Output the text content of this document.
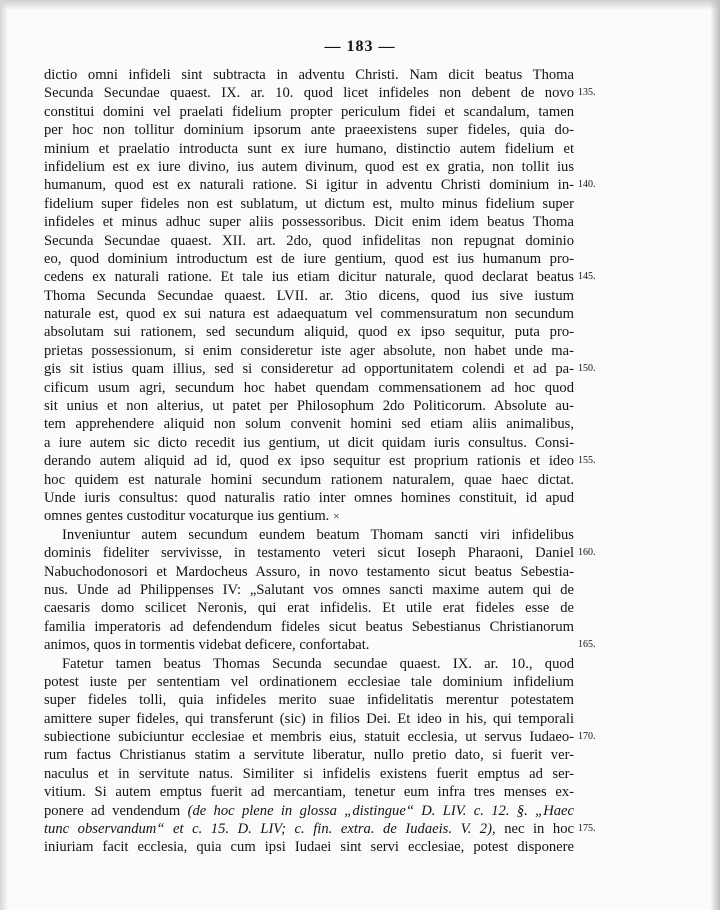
— 183 —
dictio omni infideli sint subtracta in adventu Christi. Nam dicit beatus Thoma
Secunda Secundae quaest. IX. ar. 10. quod licet infideles non debent de novo
constitui domini vel praelati fidelium propter periculum fidei et scandalum, tamen
per hoc non tollitur dominium ipsorum ante praeexistens super fideles, quia do-
minium et praelatio introducta sunt ex iure humano, distinctio autem fidelium et
infidelium est ex iure divino, ius autem divinum, quod est ex gratia, non tollit ius
humanum, quod est ex naturali ratione. Si igitur in adventu Christi dominium in-
fidelium super fideles non est sublatum, ut dictum est, multo minus fidelium super
infideles et minus adhuc super aliis possessoribus. Dicit enim idem beatus Thoma
Secunda Secundae quaest. XII. art. 2do, quod infidelitas non repugnat dominio
eo, quod dominium introductum est de iure gentium, quod est ius humanum pro-
cedens ex naturali ratione. Et tale ius etiam dicitur naturale, quod declarat beatus
Thoma Secunda Secundae quaest. LVII. ar. 3tio dicens, quod ius sive iustum
naturale est, quod ex sui natura est adaequatum vel commensuratum non secundum
absolutam sui rationem, sed secundum aliquid, quod ex ipso sequitur, puta pro-
prietas possessionum, si enim consideretur iste ager absolute, non habet unde ma-
gis sit istius quam illius, sed si consideretur ad opportunitatem colendi et ad pa-
cificum usum agri, secundum hoc habet quendam commensationem ad hoc quod
sit unius et non alterius, ut patet per Philosophum 2do Politicorum. Absolute au-
tem apprehendere aliquid non solum convenit homini sed etiam aliis animalibus,
a iure autem sic dicto recedit ius gentium, ut dicit quidam iuris consultus. Consi-
derando autem aliquid ad id, quod ex ipso sequitur est proprium rationis et ideo
hoc quidem est naturale homini secundum rationem naturalem, quae haec dictat.
Unde iuris consultus: quod naturalis ratio inter omnes homines constituit, id apud
omnes gentes custoditur vocaturque ius gentium. ×
Inveniuntur autem secundum eundem beatum Thomam sancti viri infidelibus
dominis fideliter servivisse, in testamento veteri sicut Ioseph Pharaoni, Daniel
Nabuchodonosori et Mardocheus Assuro, in novo testamento sicut beatus Sebestia-
nus. Unde ad Philippenses IV: „Salutant vos omnes sancti maxime autem qui de
caesaris domo scilicet Neronis, qui erat infidelis. Et utile erat fideles esse de
familia imperatoris ad defendendum fideles sicut beatus Sebestianus Christianorum
animos, quos in tormentis videbat deficere, confortabat.
Fatetur tamen beatus Thomas Secunda secundae quaest. IX. ar. 10., quod
potest iuste per sententiam vel ordinationem ecclesiae tale dominium infidelium
super fideles tolli, quia infideles merito suae infidelitatis merentur potestatem
amittere super fideles, qui transferunt (sic) in filios Dei. Et ideo in his, qui temporali
subiectione subiciuntur ecclesiae et membris eius, statuit ecclesia, ut servus Iudaeo-
rum factus Christianus statim a servitute liberatur, nullo pretio dato, si fuerit ver-
naculus et in servitute natus. Similiter si infidelis existens fuerit emptus ad ser-
vitium. Si autem emptus fuerit ad mercantiam, tenetur eum infra tres menses ex-
ponere ad vendendum (de hoc plene in glossa „distingue“ D. LIV. c. 12. §. „Haec
tunc observandum“ et c. 15. D. LIV; c. fin. extra. de Iudaeis. V. 2), nec in hoc
iniuriam facit ecclesia, quia cum ipsi Iudaei sint servi ecclesiae, potest disponere
135.
140.
145.
150.
155.
160.
165.
170.
175.
